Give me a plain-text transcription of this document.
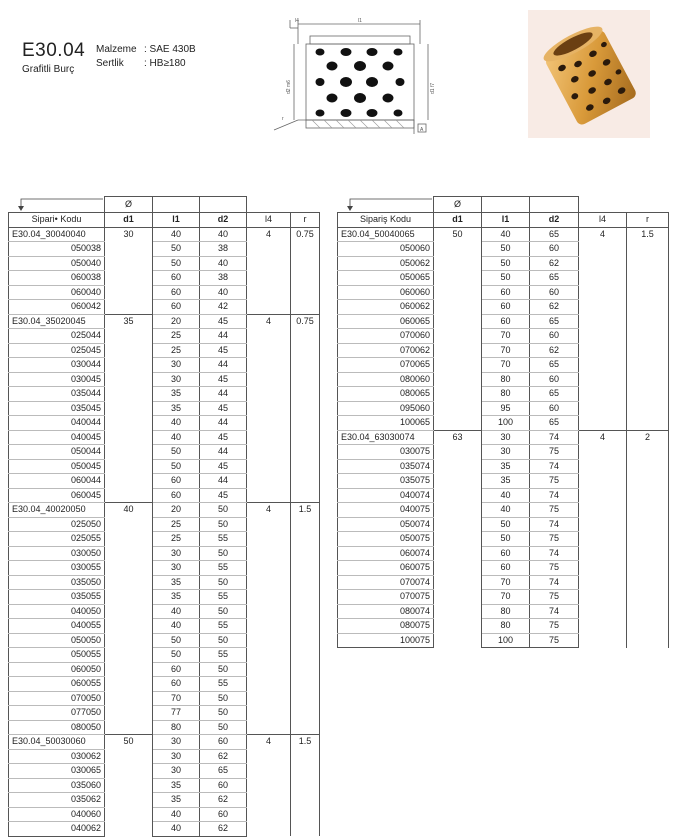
E30.04
Grafitli Burç
Malzeme : SAE 430B
Sertlik : HB≥180
l4	l1
d2 m6	d1 f7
r
A
	Ø				
Sipari• Kodu	d1	l1	d2	l4	r
E30.04_30040040	30	40	40	4	0.75
050038		50	38		
050040		50	40		
060038		60	38		
060040		60	40		
060042		60	42		
E30.04_35020045	35	20	45	4	0.75
025044		25	44		
025045		25	45		
030044		30	44		
030045		30	45		
035044		35	44		
035045		35	45		
040044		40	44		
040045		40	45		
050044		50	44		
050045		50	45		
060044		60	44		
060045		60	45		
E30.04_40020050	40	20	50	4	1.5
025050		25	50		
025055		25	55		
030050		30	50		
030055		30	55		
035050		35	50		
035055		35	55		
040050		40	50		
040055		40	55		
050050		50	50		
050055		50	55		
060050		60	50		
060055		60	55		
070050		70	50		
077050		77	50		
080050		80	50		
E30.04_50030060	50	30	60	4	1.5
030062		30	62		
030065		30	65		
035060		35	60		
035062		35	62		
040060		40	60		
040062		40	62		
	Ø				
Sipariş Kodu	d1	l1	d2	l4	r
E30.04_50040065	50	40	65	4	1.5
050060		50	60		
050062		50	62		
050065		50	65		
060060		60	60		
060062		60	62		
060065		60	65		
070060		70	60		
070062		70	62		
070065		70	65		
080060		80	60		
080065		80	65		
095060		95	60		
100065		100	65		
E30.04_63030074	63	30	74	4	2
030075		30	75		
035074		35	74		
035075		35	75		
040074		40	74		
040075		40	75		
050074		50	74		
050075		50	75		
060074		60	74		
060075		60	75		
070074		70	74		
070075		70	75		
080074		80	74		
080075		80	75		
100075		100	75		
